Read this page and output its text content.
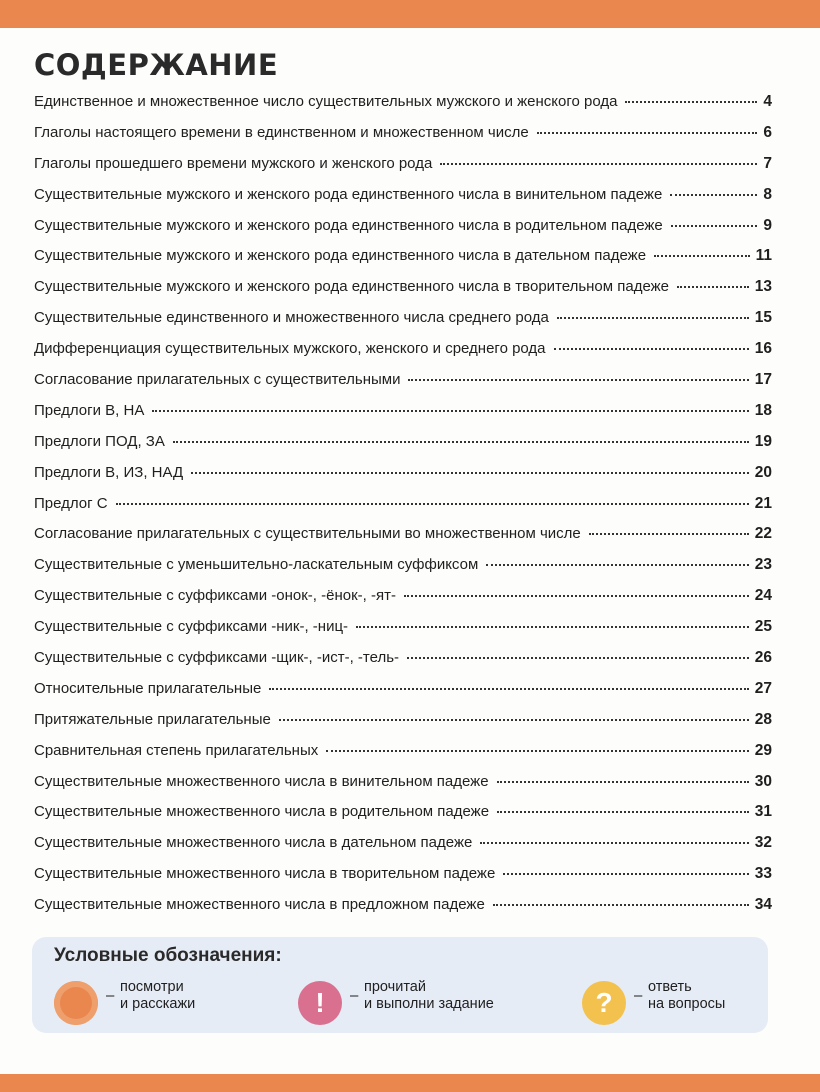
СОДЕРЖАНИЕ
Единственное и множественное число существительных мужского и женского рода	4
Глаголы настоящего времени в единственном и множественном числе	6
Глаголы прошедшего времени мужского и женского рода	7
Существительные мужского и женского рода единственного числа в винительном падеже	8
Существительные мужского и женского рода единственного числа в родительном падеже	9
Существительные мужского и женского рода единственного числа в дательном падеже	11
Существительные мужского и женского рода единственного числа в творительном падеже	13
Существительные единственного и множественного числа среднего рода	15
Дифференциация существительных мужского, женского и среднего рода	16
Согласование прилагательных с существительными	17
Предлоги В, НА	18
Предлоги ПОД, ЗА	19
Предлоги В, ИЗ, НАД	20
Предлог С	21
Согласование прилагательных с существительными во множественном числе	22
Существительные с уменьшительно-ласкательным суффиксом	23
Существительные с суффиксами -онок-, -ёнок-, -ят-	24
Существительные с суффиксами -ник-, -ниц-	25
Существительные с суффиксами -щик-, -ист-, -тель-	26
Относительные прилагательные	27
Притяжательные прилагательные	28
Сравнительная степень прилагательных	29
Существительные множественного числа в винительном падеже	30
Существительные множественного числа в родительном падеже	31
Существительные множественного числа в дательном падеже	32
Существительные множественного числа в творительном падеже	33
Существительные множественного числа в предложном падеже	34

Условные обозначения:

– посмотри
и расскажи	!	– прочитай
и выполни задание	?	– ответь
на вопросы
